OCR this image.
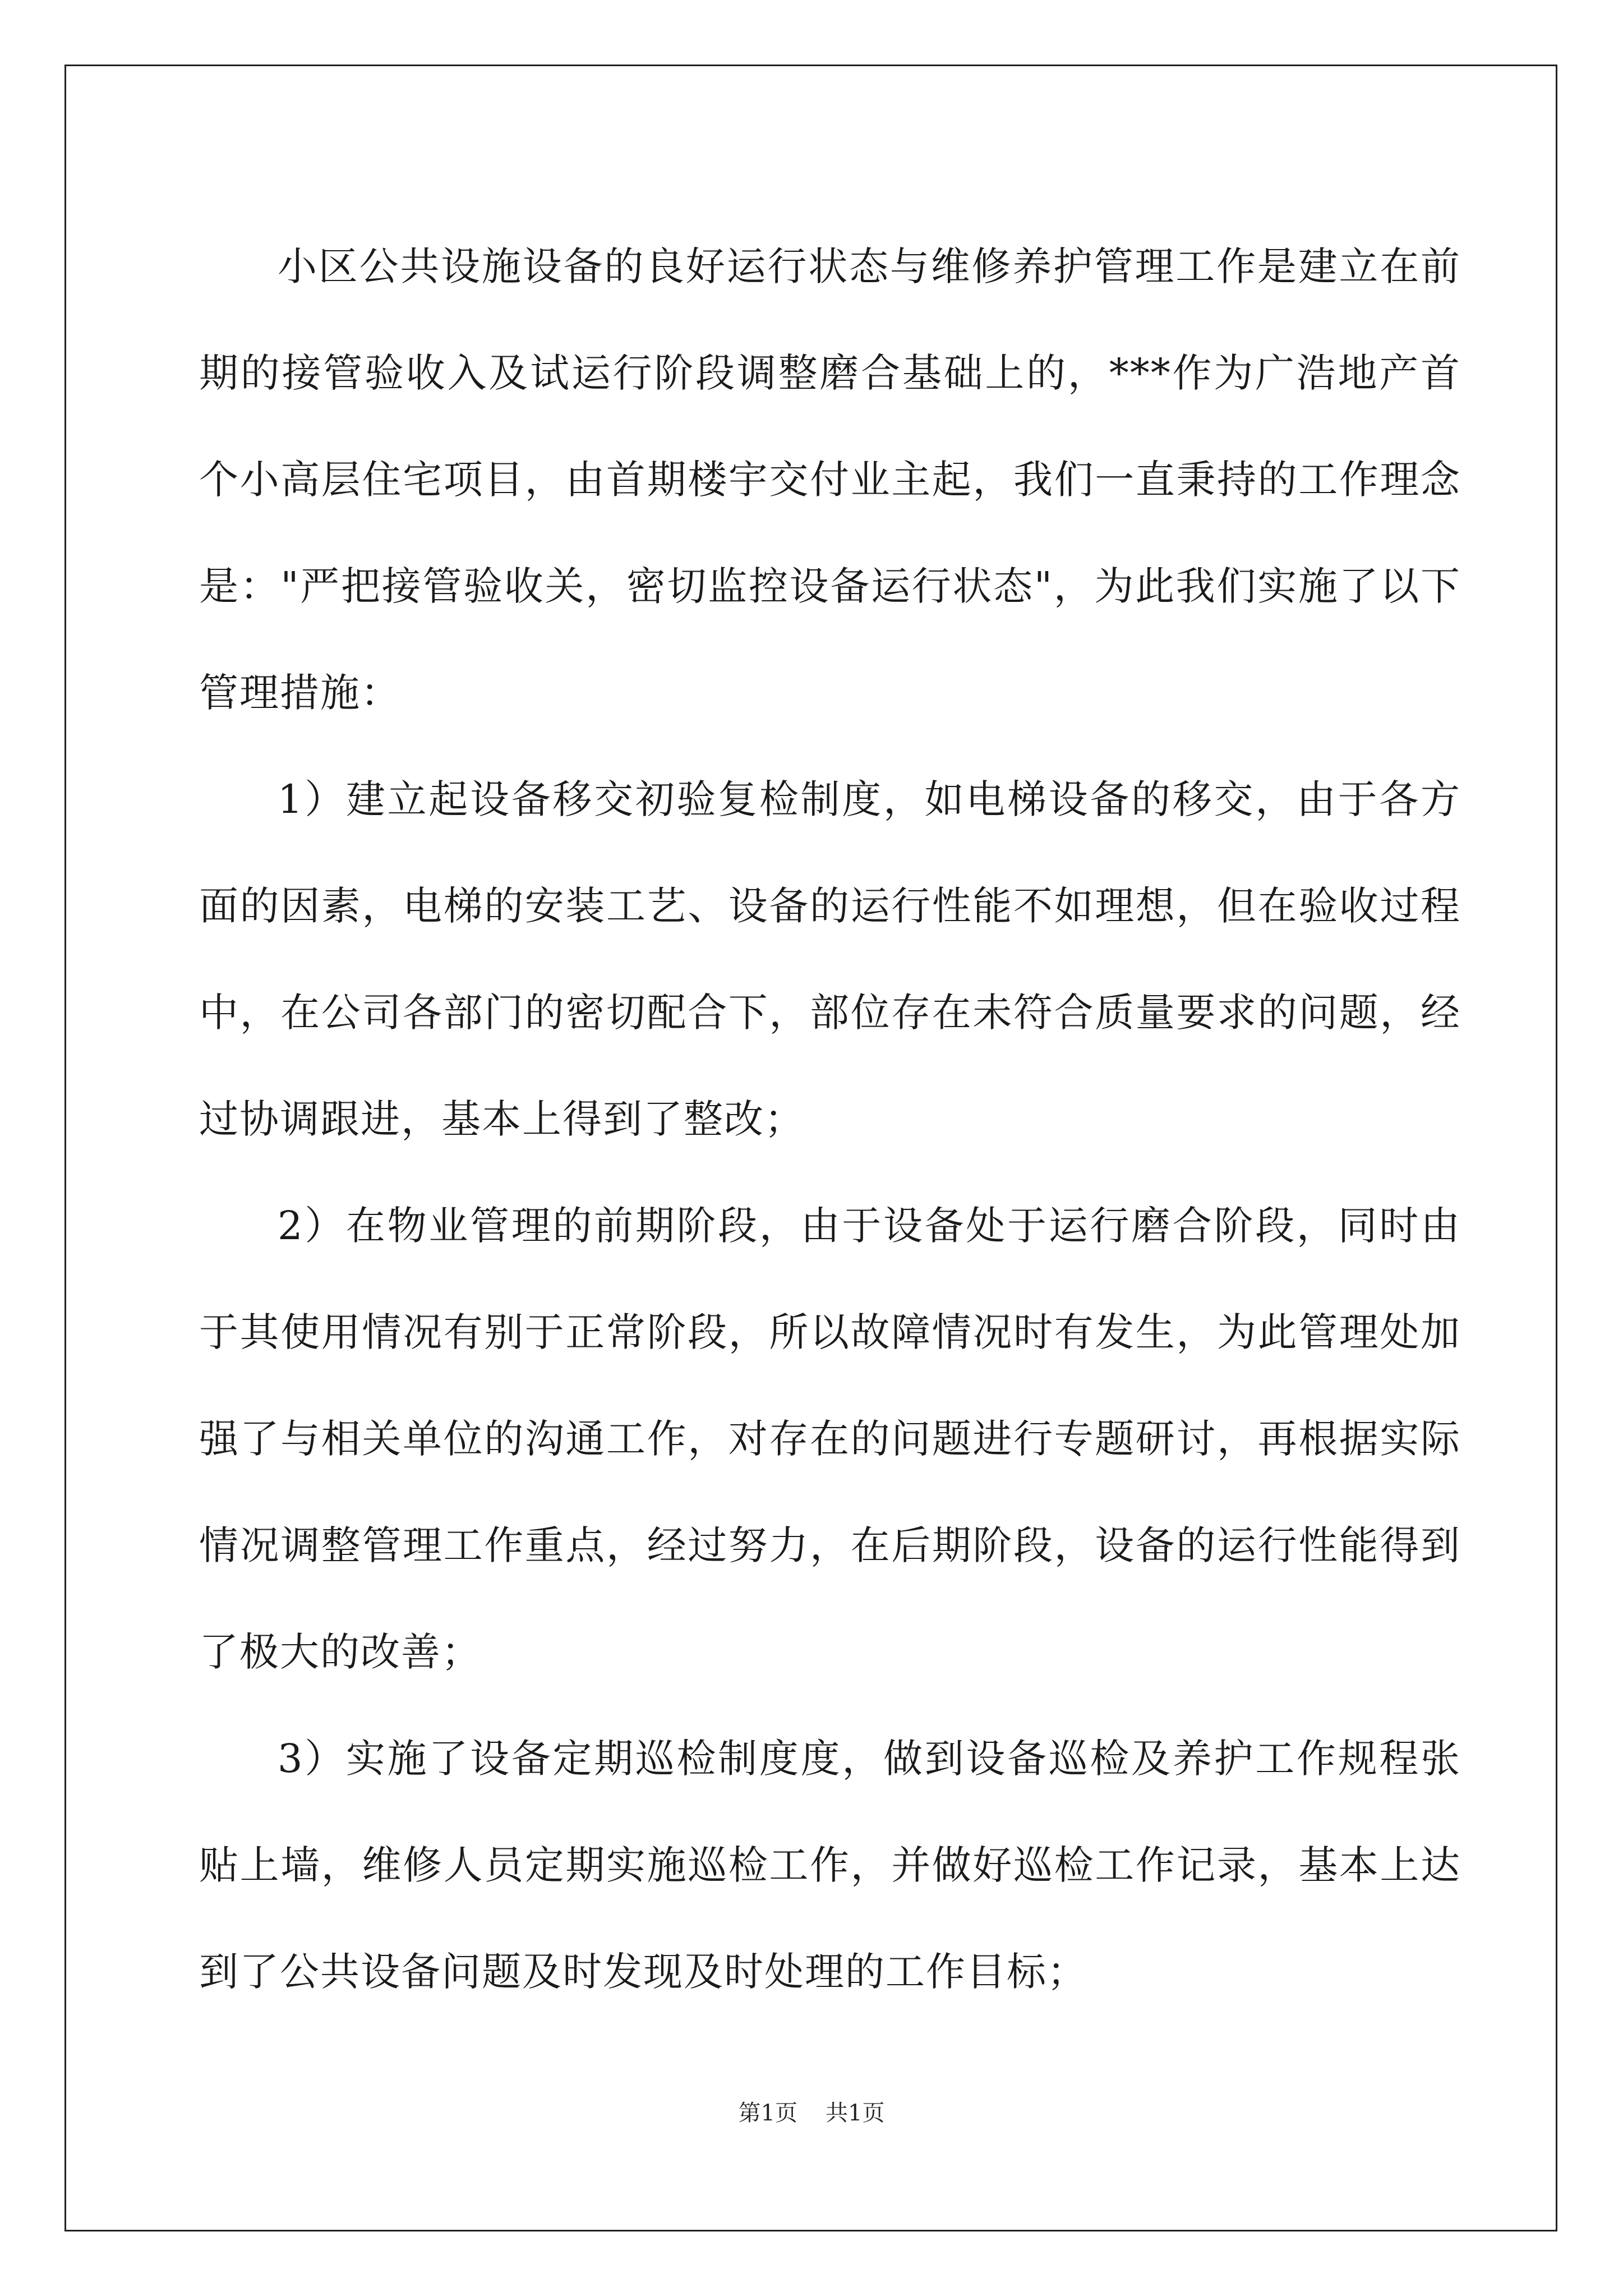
小区公共设施设备的良好运行状态与维修养护管理工作是建立在前期的接管验收入及试运行阶段调整磨合基础上的，***作为广浩地产首个小高层住宅项目，由首期楼宇交付业主起，我们一直秉持的工作理念是："严把接管验收关，密切监控设备运行状态"，为此我们实施了以下管理措施：

1）建立起设备移交初验复检制度，如电梯设备的移交，由于各方面的因素，电梯的安装工艺、设备的运行性能不如理想，但在验收过程中，在公司各部门的密切配合下，部位存在未符合质量要求的问题，经过协调跟进，基本上得到了整改；

2）在物业管理的前期阶段，由于设备处于运行磨合阶段，同时由于其使用情况有别于正常阶段，所以故障情况时有发生，为此管理处加强了与相关单位的沟通工作，对存在的问题进行专题研讨，再根据实际情况调整管理工作重点，经过努力，在后期阶段，设备的运行性能得到了极大的改善；

3）实施了设备定期巡检制度度，做到设备巡检及养护工作规程张贴上墙，维修人员定期实施巡检工作，并做好巡检工作记录，基本上达到了公共设备问题及时发现及时处理的工作目标；

第1页 共1页
